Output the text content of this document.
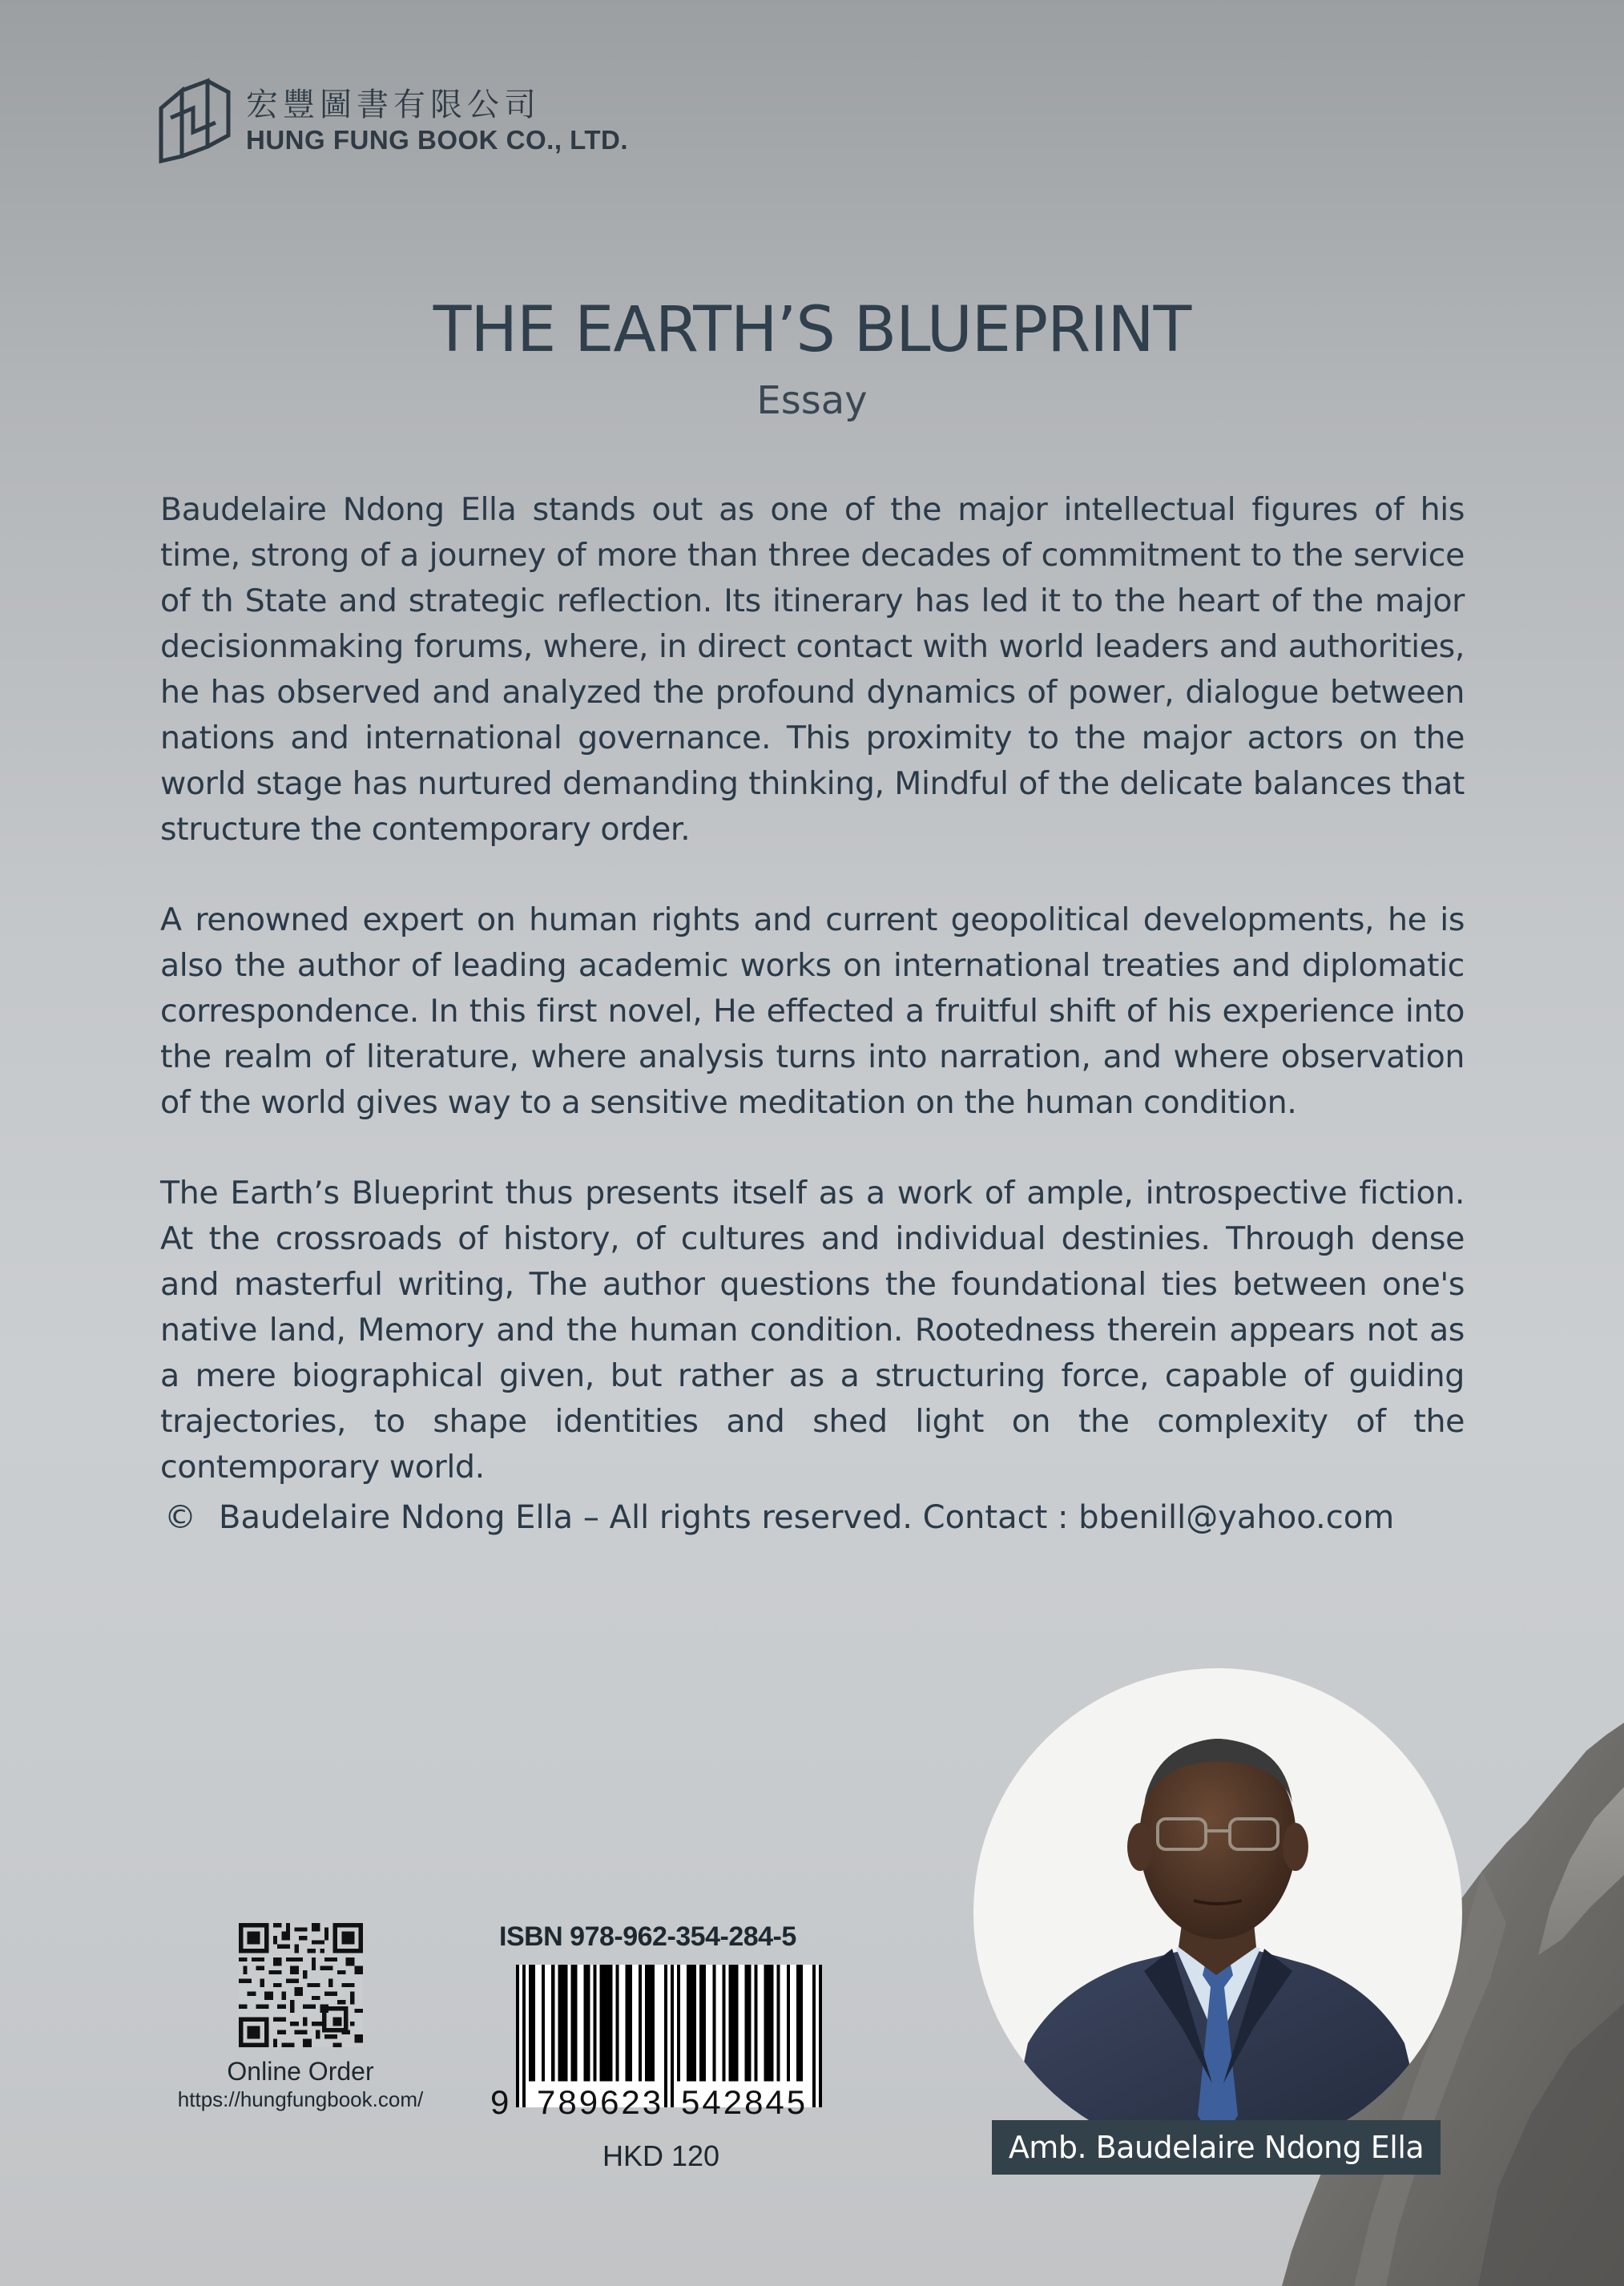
宏豐圖書有限公司
HUNG FUNG BOOK CO., LTD.
THE EARTH’S BLUEPRINT
Essay

Baudelaire Ndong Ella stands out as one of the major intellectual figures of his time, strong of a journey of more than three decades of commitment to the service of th State and strategic reflection. Its itinerary has led it to the heart of the major decisionmaking forums, where, in direct contact with world leaders and authorities, he has observed and analyzed the profound dynamics of power, dialogue between nations and international governance. This proximity to the major actors on the world stage has nurtured demanding thinking, Mindful of the delicate balances that structure the contemporary order.

A renowned expert on human rights and current geopolitical developments, he is also the author of leading academic works on international treaties and diplomatic correspondence. In this first novel, He effected a fruitful shift of his experience into the realm of literature, where analysis turns into narration, and where observation of the world gives way to a sensitive meditation on the human condition.

The Earth’s Blueprint thus presents itself as a work of ample, introspective fiction. At the crossroads of history, of cultures and individual destinies. Through dense and masterful writing, The author questions the foundational ties between one's native land, Memory and the human condition. Rootedness therein appears not as a mere biographical given, but rather as a structuring force, capable of guiding trajectories, to shape identities and shed light on the complexity of the contemporary world.

© Baudelaire Ndong Ella – All rights reserved. Contact : bbenill@yahoo.com
Online Order
https://hungfungbook.com/
ISBN 978-962-354-284-5
9 789623 542845
HKD 120	Amb. Baudelaire Ndong Ella
